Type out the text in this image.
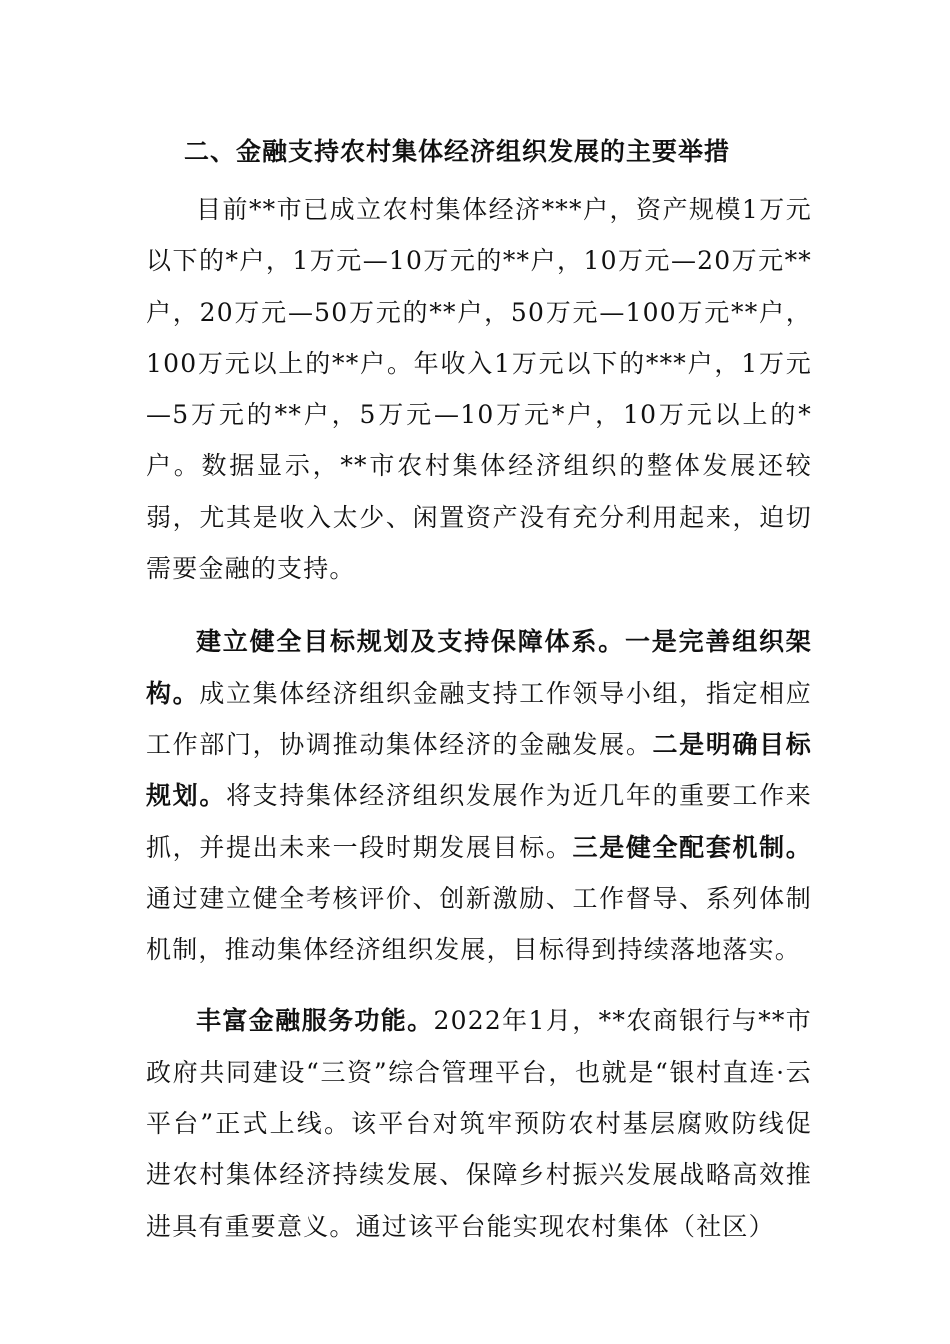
二、金融支持农村集体经济组织发展的主要举措

目前**市已成立农村集体经济***户，资产规模1万元以下的*户，1万元—10万元的**户，10万元—20万元**户，20万元—50万元的**户，50万元—100万元**户，100万元以上的**户。年收入1万元以下的***户，1万元—5万元的**户，5万元—10万元*户，10万元以上的*户。数据显示，**市农村集体经济组织的整体发展还较弱，尤其是收入太少、闲置资产没有充分利用起来，迫切需要金融的支持。

建立健全目标规划及支持保障体系。一是完善组织架构。成立集体经济组织金融支持工作领导小组，指定相应工作部门，协调推动集体经济的金融发展。二是明确目标规划。将支持集体经济组织发展作为近几年的重要工作来抓，并提出未来一段时期发展目标。三是健全配套机制。通过建立健全考核评价、创新激励、工作督导、系列体制机制，推动集体经济组织发展，目标得到持续落地落实。

丰富金融服务功能。2022年1月，**农商银行与**市政府共同建设“三资”综合管理平台，也就是“银村直连·云平台”正式上线。该平台对筑牢预防农村基层腐败防线促进农村集体经济持续发展、保障乡村振兴发展战略高效推进具有重要意义。通过该平台能实现农村集体（社区）
